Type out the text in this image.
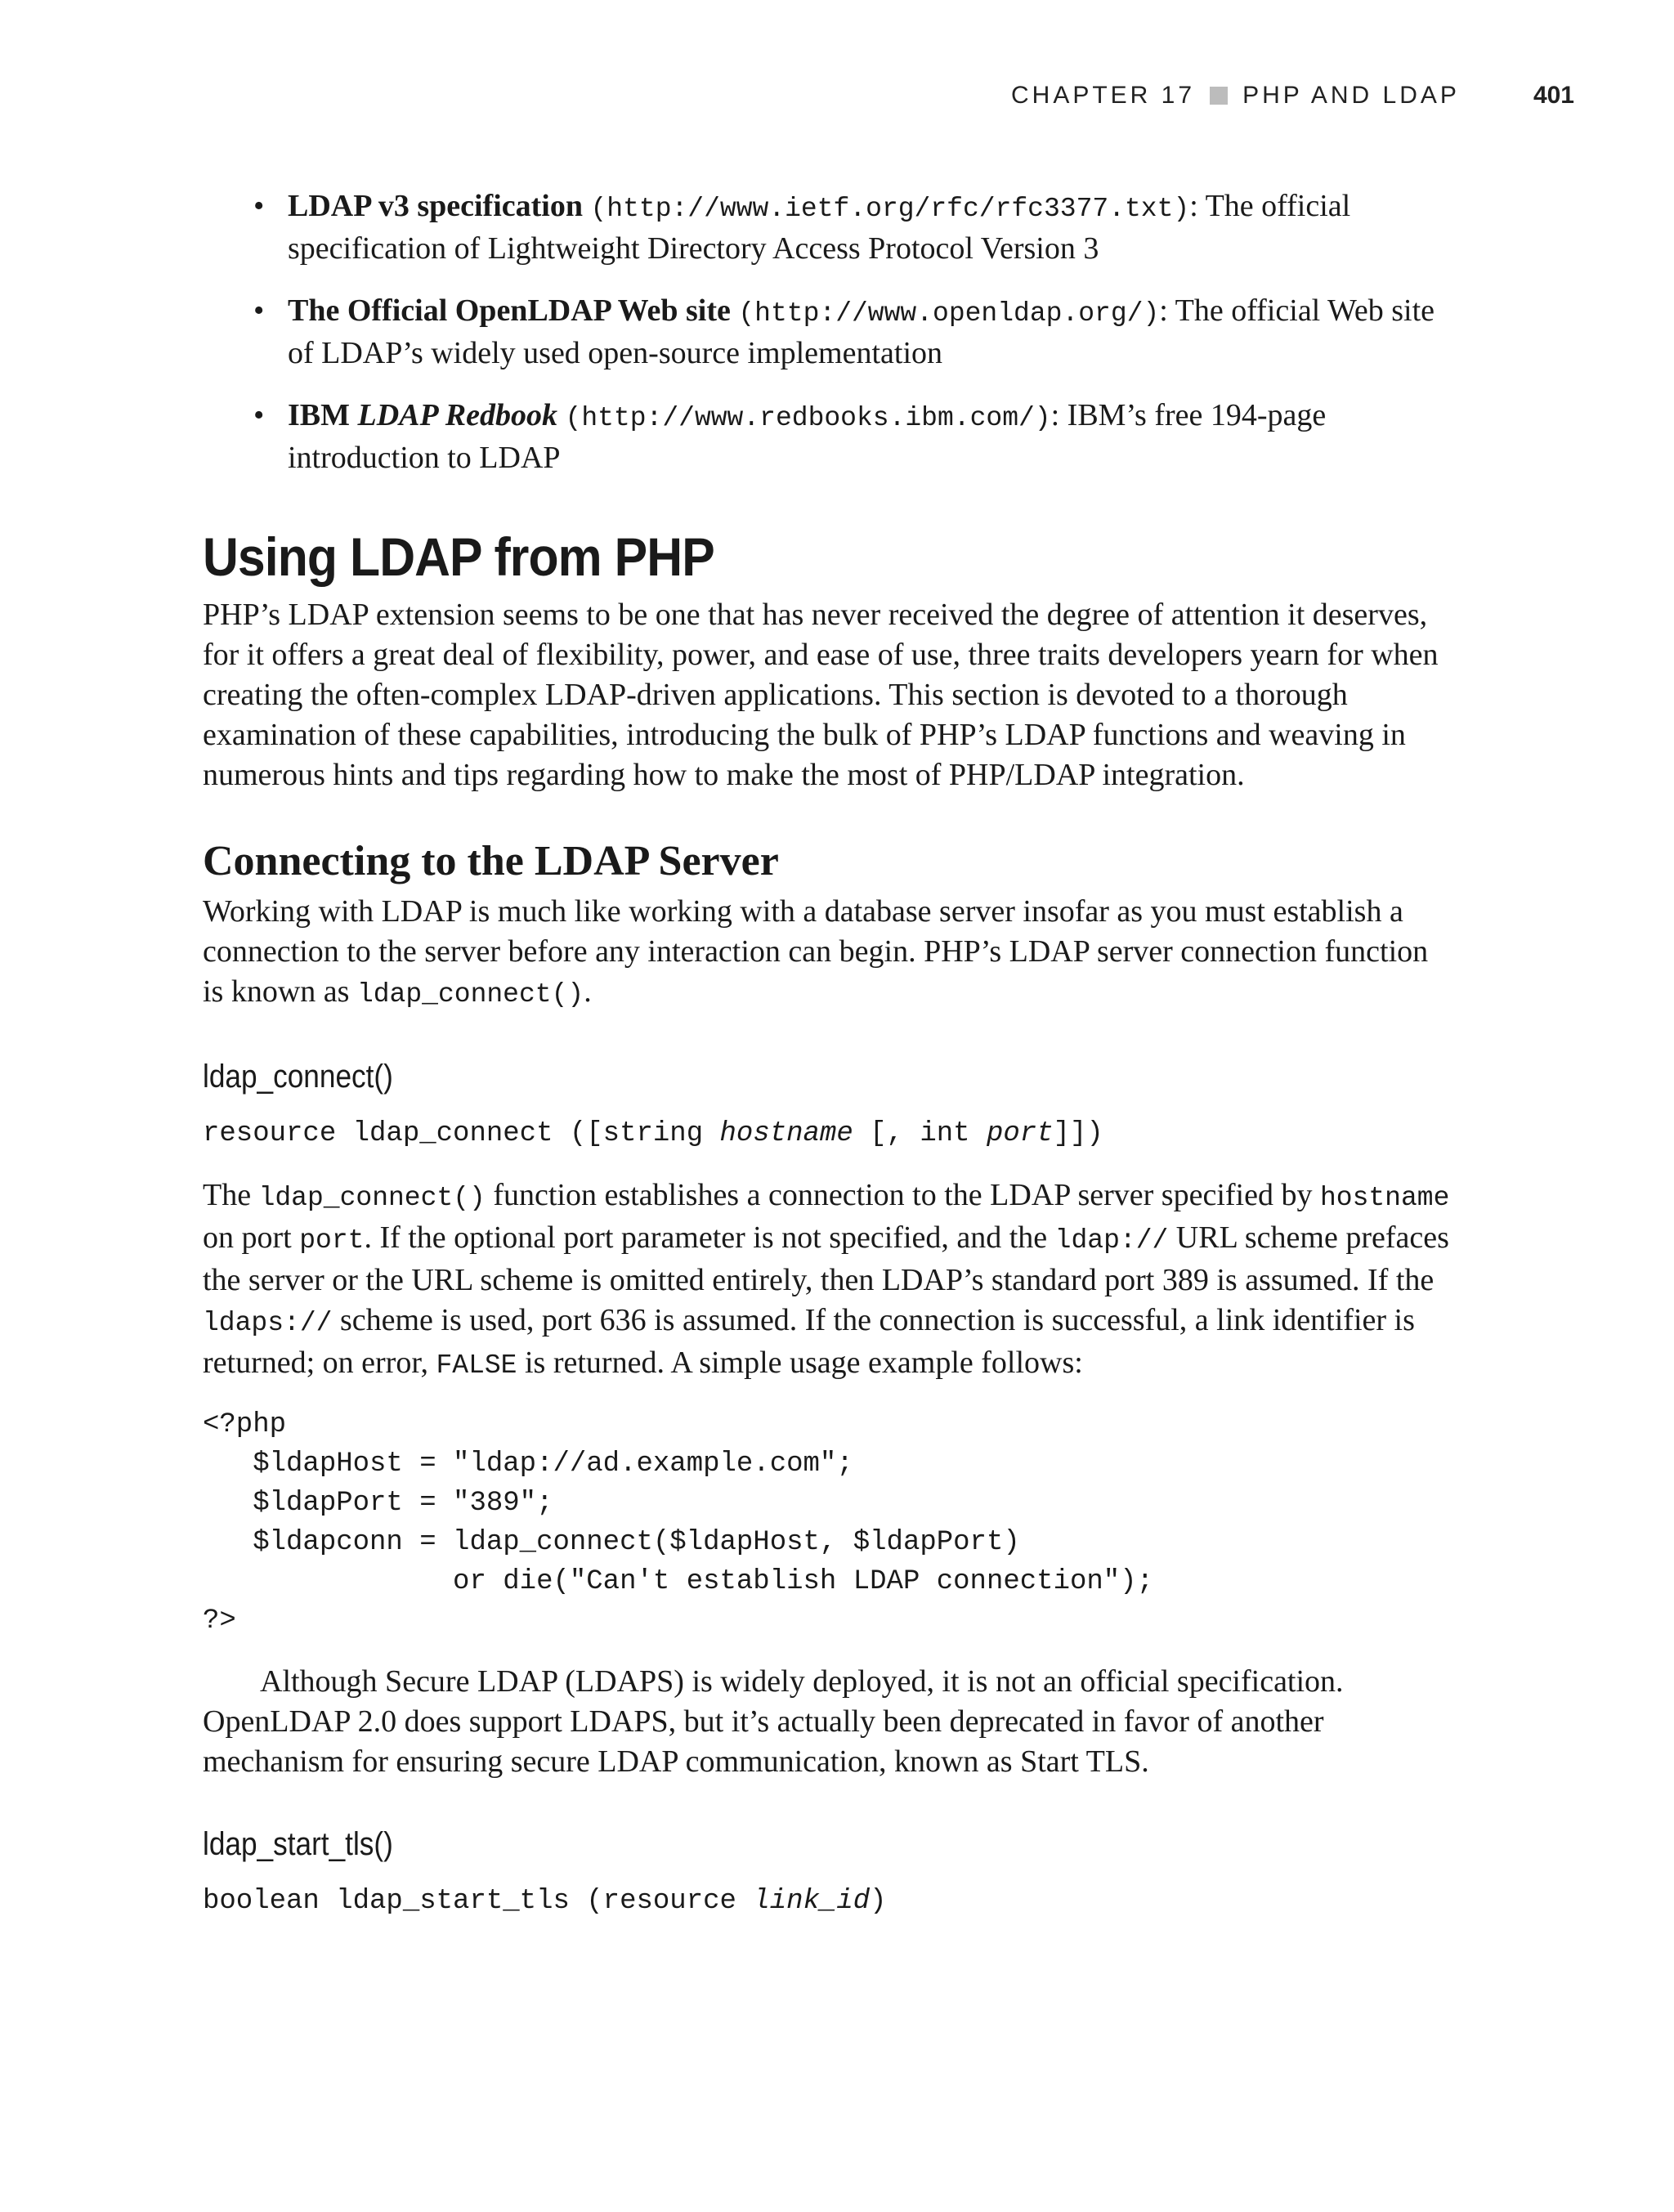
CHAPTER 17 PHP AND LDAP	401
• LDAP v3 specification (http://www.ietf.org/rfc/rfc3377.txt): The official specification of Lightweight Directory Access Protocol Version 3
• The Official OpenLDAP Web site (http://www.openldap.org/): The official Web site of LDAP’s widely used open-source implementation
• IBM LDAP Redbook (http://www.redbooks.ibm.com/): IBM’s free 194-page introduction to LDAP
Using LDAP from PHP

PHP’s LDAP extension seems to be one that has never received the degree of attention it deserves, for it offers a great deal of flexibility, power, and ease of use, three traits developers yearn for when creating the often-complex LDAP-driven applications. This section is devoted to a thorough examination of these capabilities, introducing the bulk of PHP’s LDAP functions and weaving in numerous hints and tips regarding how to make the most of PHP/LDAP integration.

Connecting to the LDAP Server

Working with LDAP is much like working with a database server insofar as you must establish a connection to the server before any interaction can begin. PHP’s LDAP server connection function is known as ldap_connect().

ldap_connect()
resource ldap_connect ([string hostname [, int port]])

The ldap_connect() function establishes a connection to the LDAP server specified by hostname on port port. If the optional port parameter is not specified, and the ldap:// URL scheme prefaces the server or the URL scheme is omitted entirely, then LDAP’s standard port 389 is assumed. If the ldaps:// scheme is used, port 636 is assumed. If the connection is successful, a link identifier is returned; on error, FALSE is returned. A simple usage example follows:

<?php
$ldapHost = "ldap://ad.example.com";
$ldapPort = "389";
$ldapconn = ldap_connect($ldapHost, $ldapPort)
or die("Can't establish LDAP connection");
?>

Although Secure LDAP (LDAPS) is widely deployed, it is not an official specification. OpenLDAP 2.0 does support LDAPS, but it’s actually been deprecated in favor of another mechanism for ensuring secure LDAP communication, known as Start TLS.

ldap_start_tls()
boolean ldap_start_tls (resource link_id)
